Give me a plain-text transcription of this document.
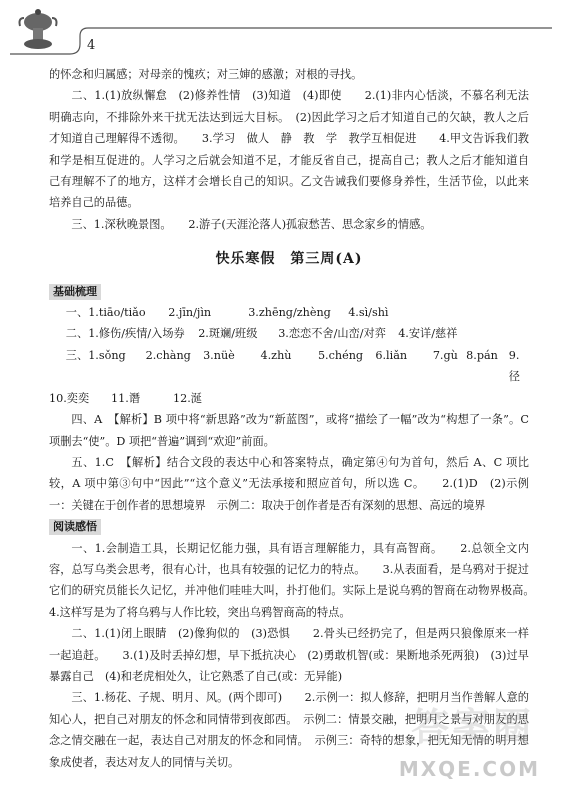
4

的怀念和归属感；对母亲的愧疚；对三婶的感激；对根的寻找。

二、1.(1)放纵懈怠　(2)修养性情　(3)知道　(4)即使　　2.(1)非内心恬淡，不慕名利无法明确志向，不排除外来干扰无法达到远大目标。　(2)因此学习之后才知道自己的欠缺，教人之后才知道自己理解得不透彻。　　3.学习　做人　静　教　学　教学互相促进　　4.甲文告诉我们教和学是相互促进的。人学习之后就会知道不足，才能反省自己，提高自己；教人之后才能知道自己有理解不了的地方，这样才会增长自己的知识。乙文告诫我们要修身养性，生活节俭，以此来培养自己的品德。

三、1.深秋晚景图。　　2.游子(天涯沦落人)孤寂愁苦、思念家乡的情感。

快乐寒假　第三周(A)
基础梳理
一、 1.tiāo/tiǎo	2.jīn/jìn	3.zhēng/zhèng	4.sì/shì
二、 1.修伤/疾情/入场券	2.斑斓/班级	3.恋恋不舍/山峦/对弈	4.安详/慈祥
三、 1.sǒng	2.chàng	3.nüè	4.zhù	5.chéng	6.liǎn	7.gù 8.pán 9.径
10.奕奕	11.谮	12.涎

四、A　【解析】B 项中将“新思路”改为“新蓝图”，或将“描绘了一幅”改为“构想了一条”。C 项删去“使”。D 项把“普遍”调到“欢迎”前面。

五、1.C　【解析】结合文段的表达中心和答案特点，确定第④句为首句，然后 A、C 项比较，A 项中第③句中“因此”“这个意义”无法承接和照应首句，所以选 C。　　2.(1)D　(2)示例一：关键在于创作者的思想境界　示例二：取决于创作者是否有深刻的思想、高远的境界

阅读感悟

一、1.会制造工具，长期记忆能力强，具有语言理解能力，具有高智商。　　2.总领全文内容，总写乌类会思考，很有心计，也具有较强的记忆力的特点。　　3.从表面看，是乌鸦对于捉过它们的研究员能长久记忆，并冲他们哇哇大叫，扑打他们。实际上是说乌鸦的智商在动物界极高。　　4.这样写是为了将乌鸦与人作比较，突出乌鸦智商高的特点。

二、1.(1)闭上眼睛　(2)像狗似的　(3)恐惧　　2.骨头已经扔完了，但是两只狼像原来一样一起追赶。　　3.(1)及时丢掉幻想，早下抵抗决心　(2)勇敢机智(或：果断地杀死两狼)　(3)过早暴露自己　(4)和老虎相处久，让它熟悉了自己(或：无异能)

三、1.杨花、子规、明月、风。(两个即可)　　2.示例一：拟人修辞，把明月当作善解人意的知心人，把自己对朋友的怀念和同情带到夜郎西。　示例二：情景交融，把明月之景与对朋友的思念之情交融在一起，表达自己对朋友的怀念和同情。　示例三：奇特的想象，把无知无情的明月想象成使者，表达对友人的同情与关切。

答案圈
MXQE.COM
